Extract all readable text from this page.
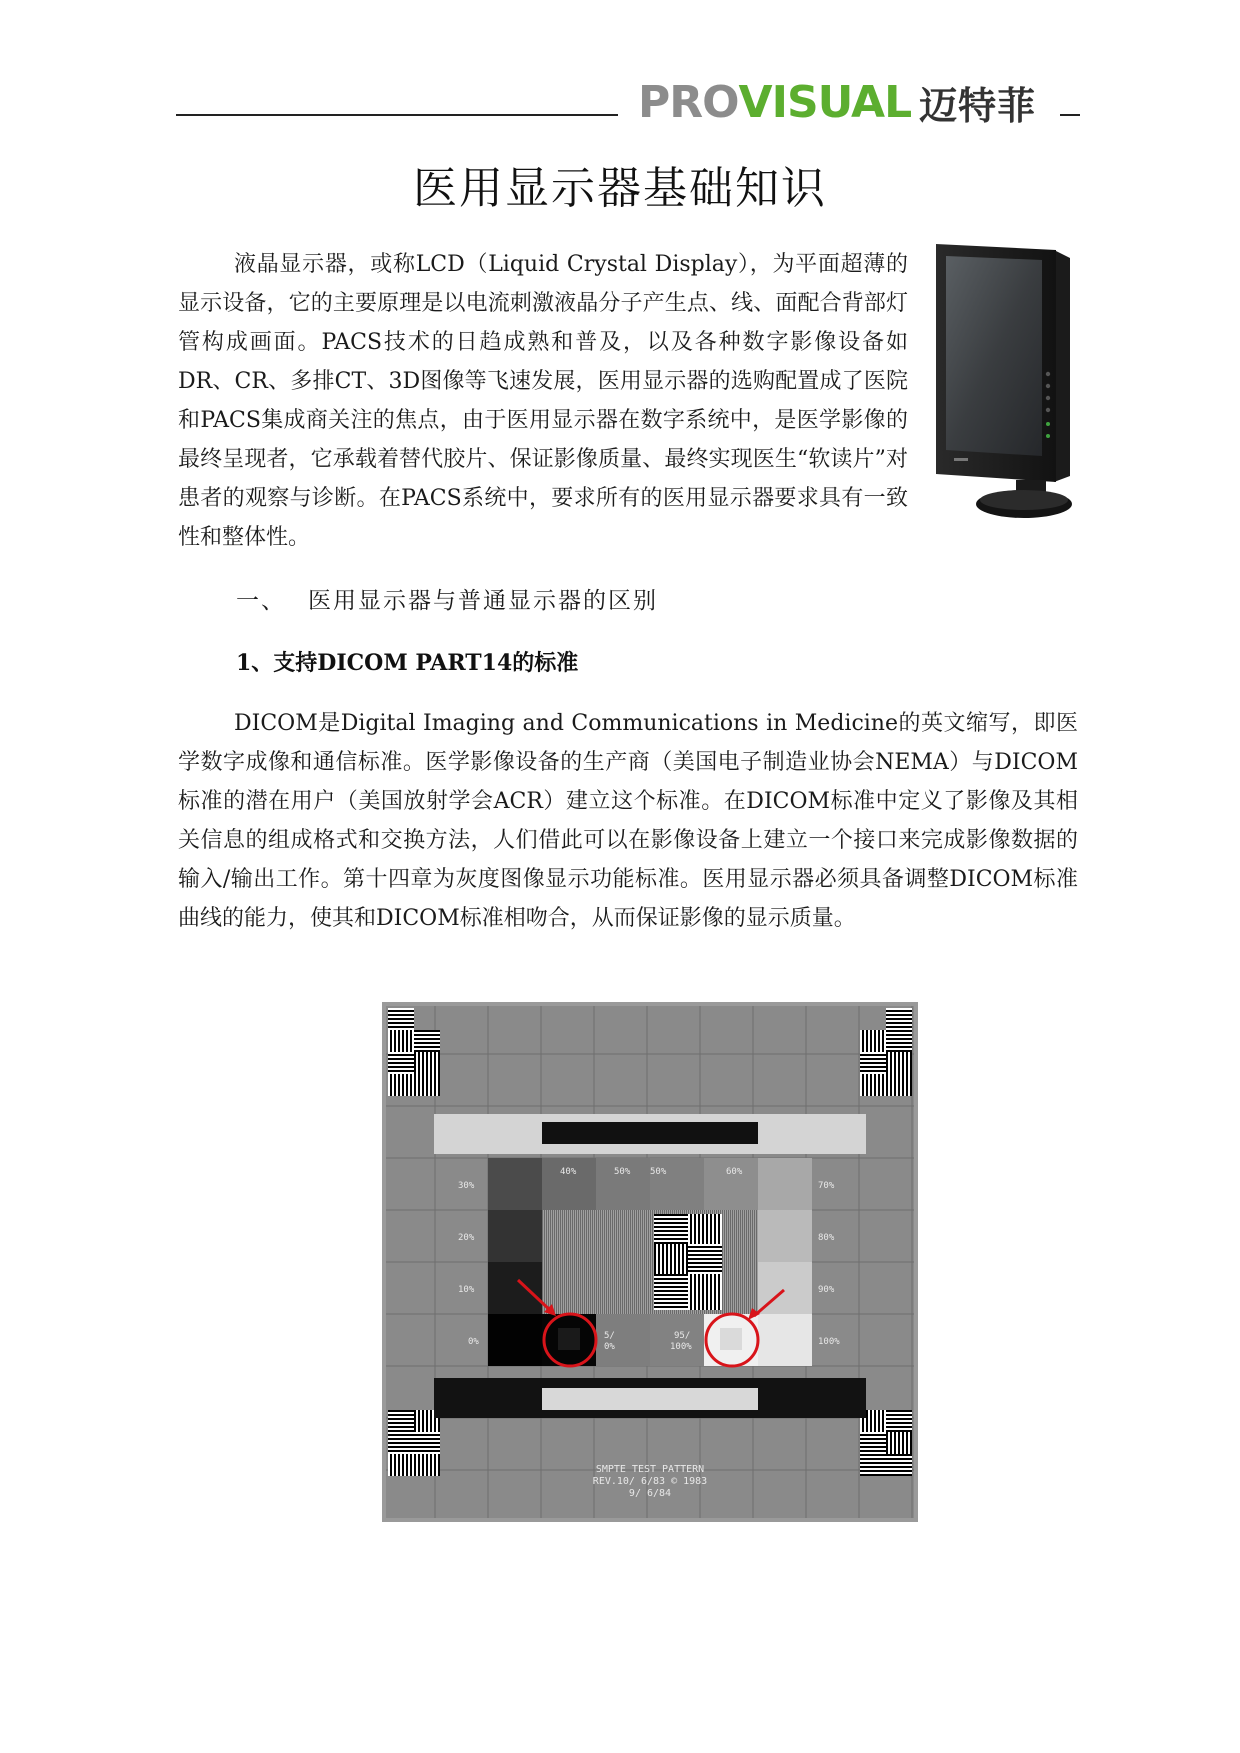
PRO VISUAL 迈特菲
医用显示器基础知识

液晶显示器，或称LCD（Liquid Crystal Display），为平面超薄的显示设备，它的主要原理是以电流刺激液晶分子产生点、线、面配合背部灯管构成画面。PACS技术的日趋成熟和普及，以及各种数字影像设备如DR、CR、多排CT、3D图像等飞速发展，医用显示器的选购配置成了医院和PACS集成商关注的焦点，由于医用显示器在数字系统中，是医学影像的最终呈现者，它承载着替代胶片、保证影像质量、最终实现医生“软读片”对患者的观察与诊断。在PACS系统中，要求所有的医用显示器要求具有一致性和整体性。

一、 医用显示器与普通显示器的区别
1、支持DICOM PART14的标准

DICOM是Digital Imaging and Communications in Medicine的英文缩写，即医学数字成像和通信标准。医学影像设备的生产商（美国电子制造业协会NEMA）与DICOM标准的潜在用户（美国放射学会ACR）建立这个标准。在DICOM标准中定义了影像及其相关信息的组成格式和交换方法，人们借此可以在影像设备上建立一个接口来完成影像数据的输入/输出工作。第十四章为灰度图像显示功能标准。医用显示器必须具备调整DICOM标准曲线的能力，使其和DICOM标准相吻合，从而保证影像的显示质量。

40%	50% 50%	60%
30%
20%
10%
0%
70%
80%
90%
100%
5/
0%
95/
100%
SMPTE TEST PATTERN
REV.10/ 6/83 © 1983
9/ 6/84
